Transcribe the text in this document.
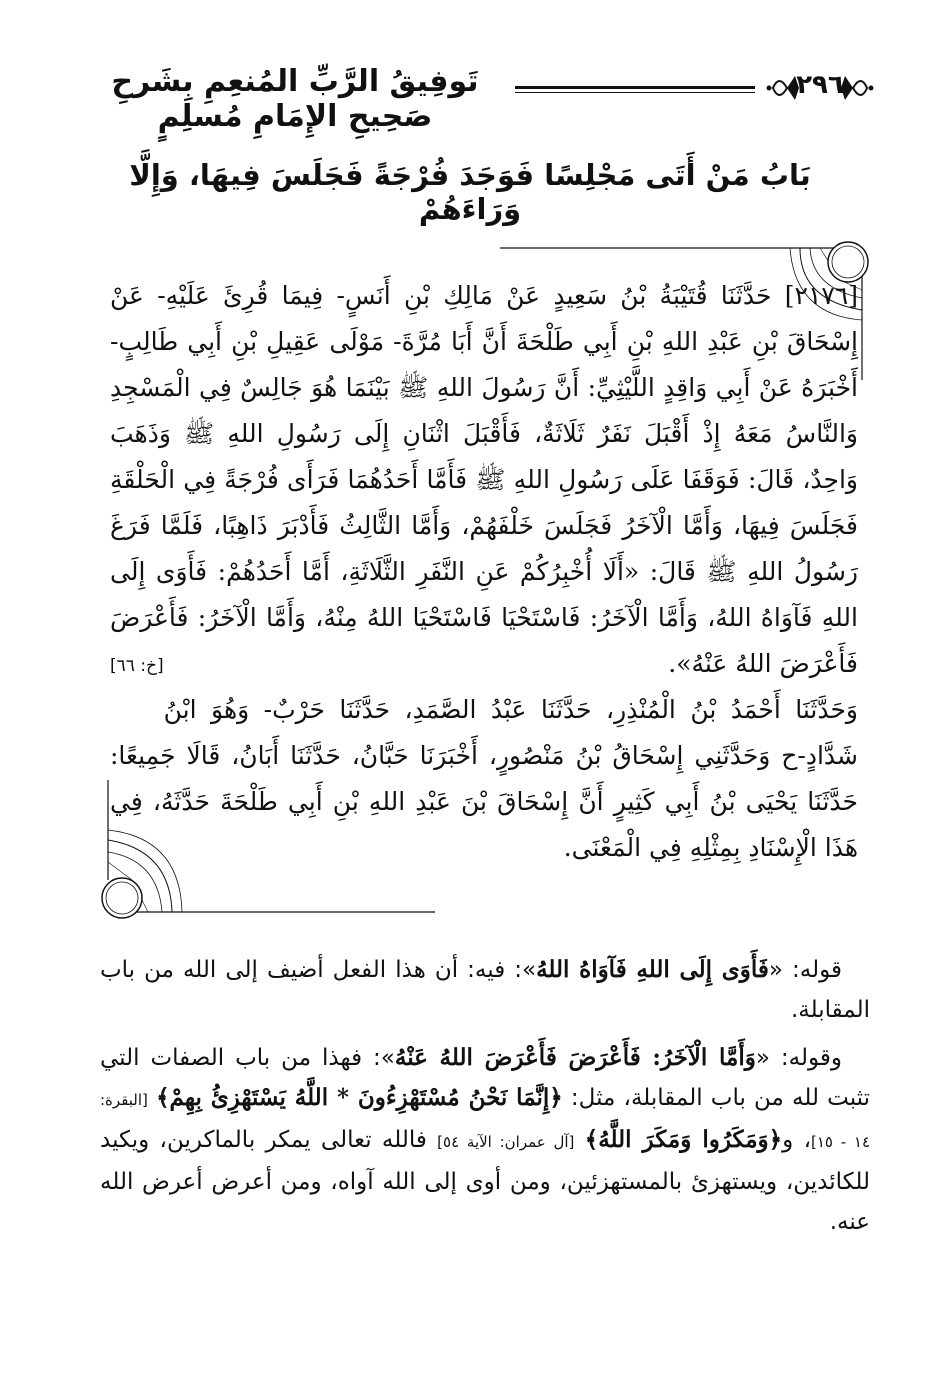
٢٩٦
تَوفِيقُ الرَّبِّ المُنعِمِ بِشَرحِ صَحِيحِ الإِمَامِ مُسلِمٍ
بَابُ مَنْ أَتَى مَجْلِسًا فَوَجَدَ فُرْجَةً فَجَلَسَ فِيهَا، وَإِلَّا وَرَاءَهُمْ
[٢١٧٦] حَدَّثَنَا قُتَيْبَةُ بْنُ سَعِيدٍ عَنْ مَالِكِ بْنِ أَنَسٍ- فِيمَا قُرِئَ عَلَيْهِ- عَنْ إِسْحَاقَ بْنِ عَبْدِ اللهِ بْنِ أَبِي طَلْحَةَ أَنَّ أَبَا مُرَّةَ- مَوْلَى عَقِيلِ بْنِ أَبِي طَالِبٍ- أَخْبَرَهُ عَنْ أَبِي وَاقِدٍ اللَّيْثِيِّ: أَنَّ رَسُولَ اللهِ ﷺ بَيْنَمَا هُوَ جَالِسٌ فِي الْمَسْجِدِ وَالنَّاسُ مَعَهُ إِذْ أَقْبَلَ نَفَرٌ ثَلَاثَةٌ، فَأَقْبَلَ اثْنَانِ إِلَى رَسُولِ اللهِ ﷺ وَذَهَبَ وَاحِدٌ، قَالَ: فَوَقَفَا عَلَى رَسُولِ اللهِ ﷺ فَأَمَّا أَحَدُهُمَا فَرَأَى فُرْجَةً فِي الْحَلْقَةِ فَجَلَسَ فِيهَا، وَأَمَّا الْآخَرُ فَجَلَسَ خَلْفَهُمْ، وَأَمَّا الثَّالِثُ فَأَدْبَرَ ذَاهِبًا، فَلَمَّا فَرَغَ رَسُولُ اللهِ ﷺ قَالَ: «أَلَا أُخْبِرُكُمْ عَنِ النَّفَرِ الثَّلَاثَةِ، أَمَّا أَحَدُهُمْ: فَأَوَى إِلَى اللهِ فَآوَاهُ اللهُ، وَأَمَّا الْآخَرُ: فَاسْتَحْيَا فَاسْتَحْيَا اللهُ مِنْهُ، وَأَمَّا الْآخَرُ: فَأَعْرَضَ فَأَعْرَضَ اللهُ عَنْهُ».
[خ: ٦٦]

وَحَدَّثَنَا أَحْمَدُ بْنُ الْمُنْذِرِ، حَدَّثَنَا عَبْدُ الصَّمَدِ، حَدَّثَنَا حَرْبٌ- وَهُوَ ابْنُ شَدَّادٍ-ح وَحَدَّثَنِي إِسْحَاقُ بْنُ مَنْصُورٍ، أَخْبَرَنَا حَبَّانُ، حَدَّثَنَا أَبَانُ، قَالَا جَمِيعًا: حَدَّثَنَا يَحْيَى بْنُ أَبِي كَثِيرٍ أَنَّ إِسْحَاقَ بْنَ عَبْدِ اللهِ بْنِ أَبِي طَلْحَةَ حَدَّثَهُ، فِي هَذَا الْإِسْنَادِ بِمِثْلِهِ فِي الْمَعْنَى.

قوله: «فَأَوَى إِلَى اللهِ فَآوَاهُ اللهُ»: فيه: أن هذا الفعل أضيف إلى الله من باب المقابلة.

وقوله: «وَأَمَّا الْآخَرُ: فَأَعْرَضَ فَأَعْرَضَ اللهُ عَنْهُ»: فهذا من باب الصفات التي تثبت لله من باب المقابلة، مثل: ﴿إِنَّمَا نَحْنُ مُسْتَهْزِءُونَ * اللَّهُ يَسْتَهْزِئُ بِهِمْ﴾ [البقرة: ١٤ - ١٥]، و﴿وَمَكَرُوا وَمَكَرَ اللَّهُ﴾ [آل عمران: الآية ٥٤] فالله تعالى يمكر بالماكرين، ويكيد للكائدين، ويستهزئ بالمستهزئين، ومن أوى إلى الله آواه، ومن أعرض أعرض الله عنه.
